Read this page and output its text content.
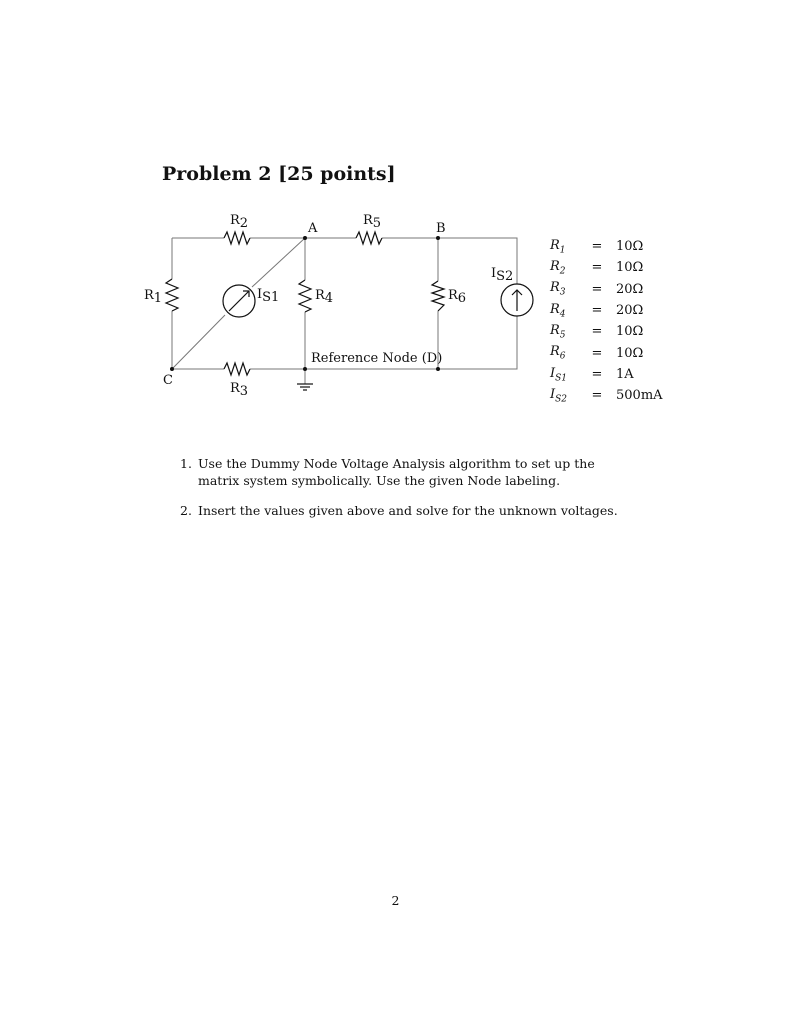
Problem 2 [25 points]
A	B
C
Reference Node (D)
R2	R5
R3
R1	R4	R6
IS1
IS2
$R_1$	=	10Ω
$R_2$	=	10Ω
$R_3$	=	20Ω
$R_4$	=	20Ω
$R_5$	=	10Ω
$R_6$	=	10Ω
$I_{S1}$	=	1A
$I_{S2}$	=	500mA
1. Use the Dummy Node Voltage Analysis algorithm to set up the matrix system symbolically. Use the given Node labeling.
2. Insert the values given above and solve for the unknown voltages.
2
